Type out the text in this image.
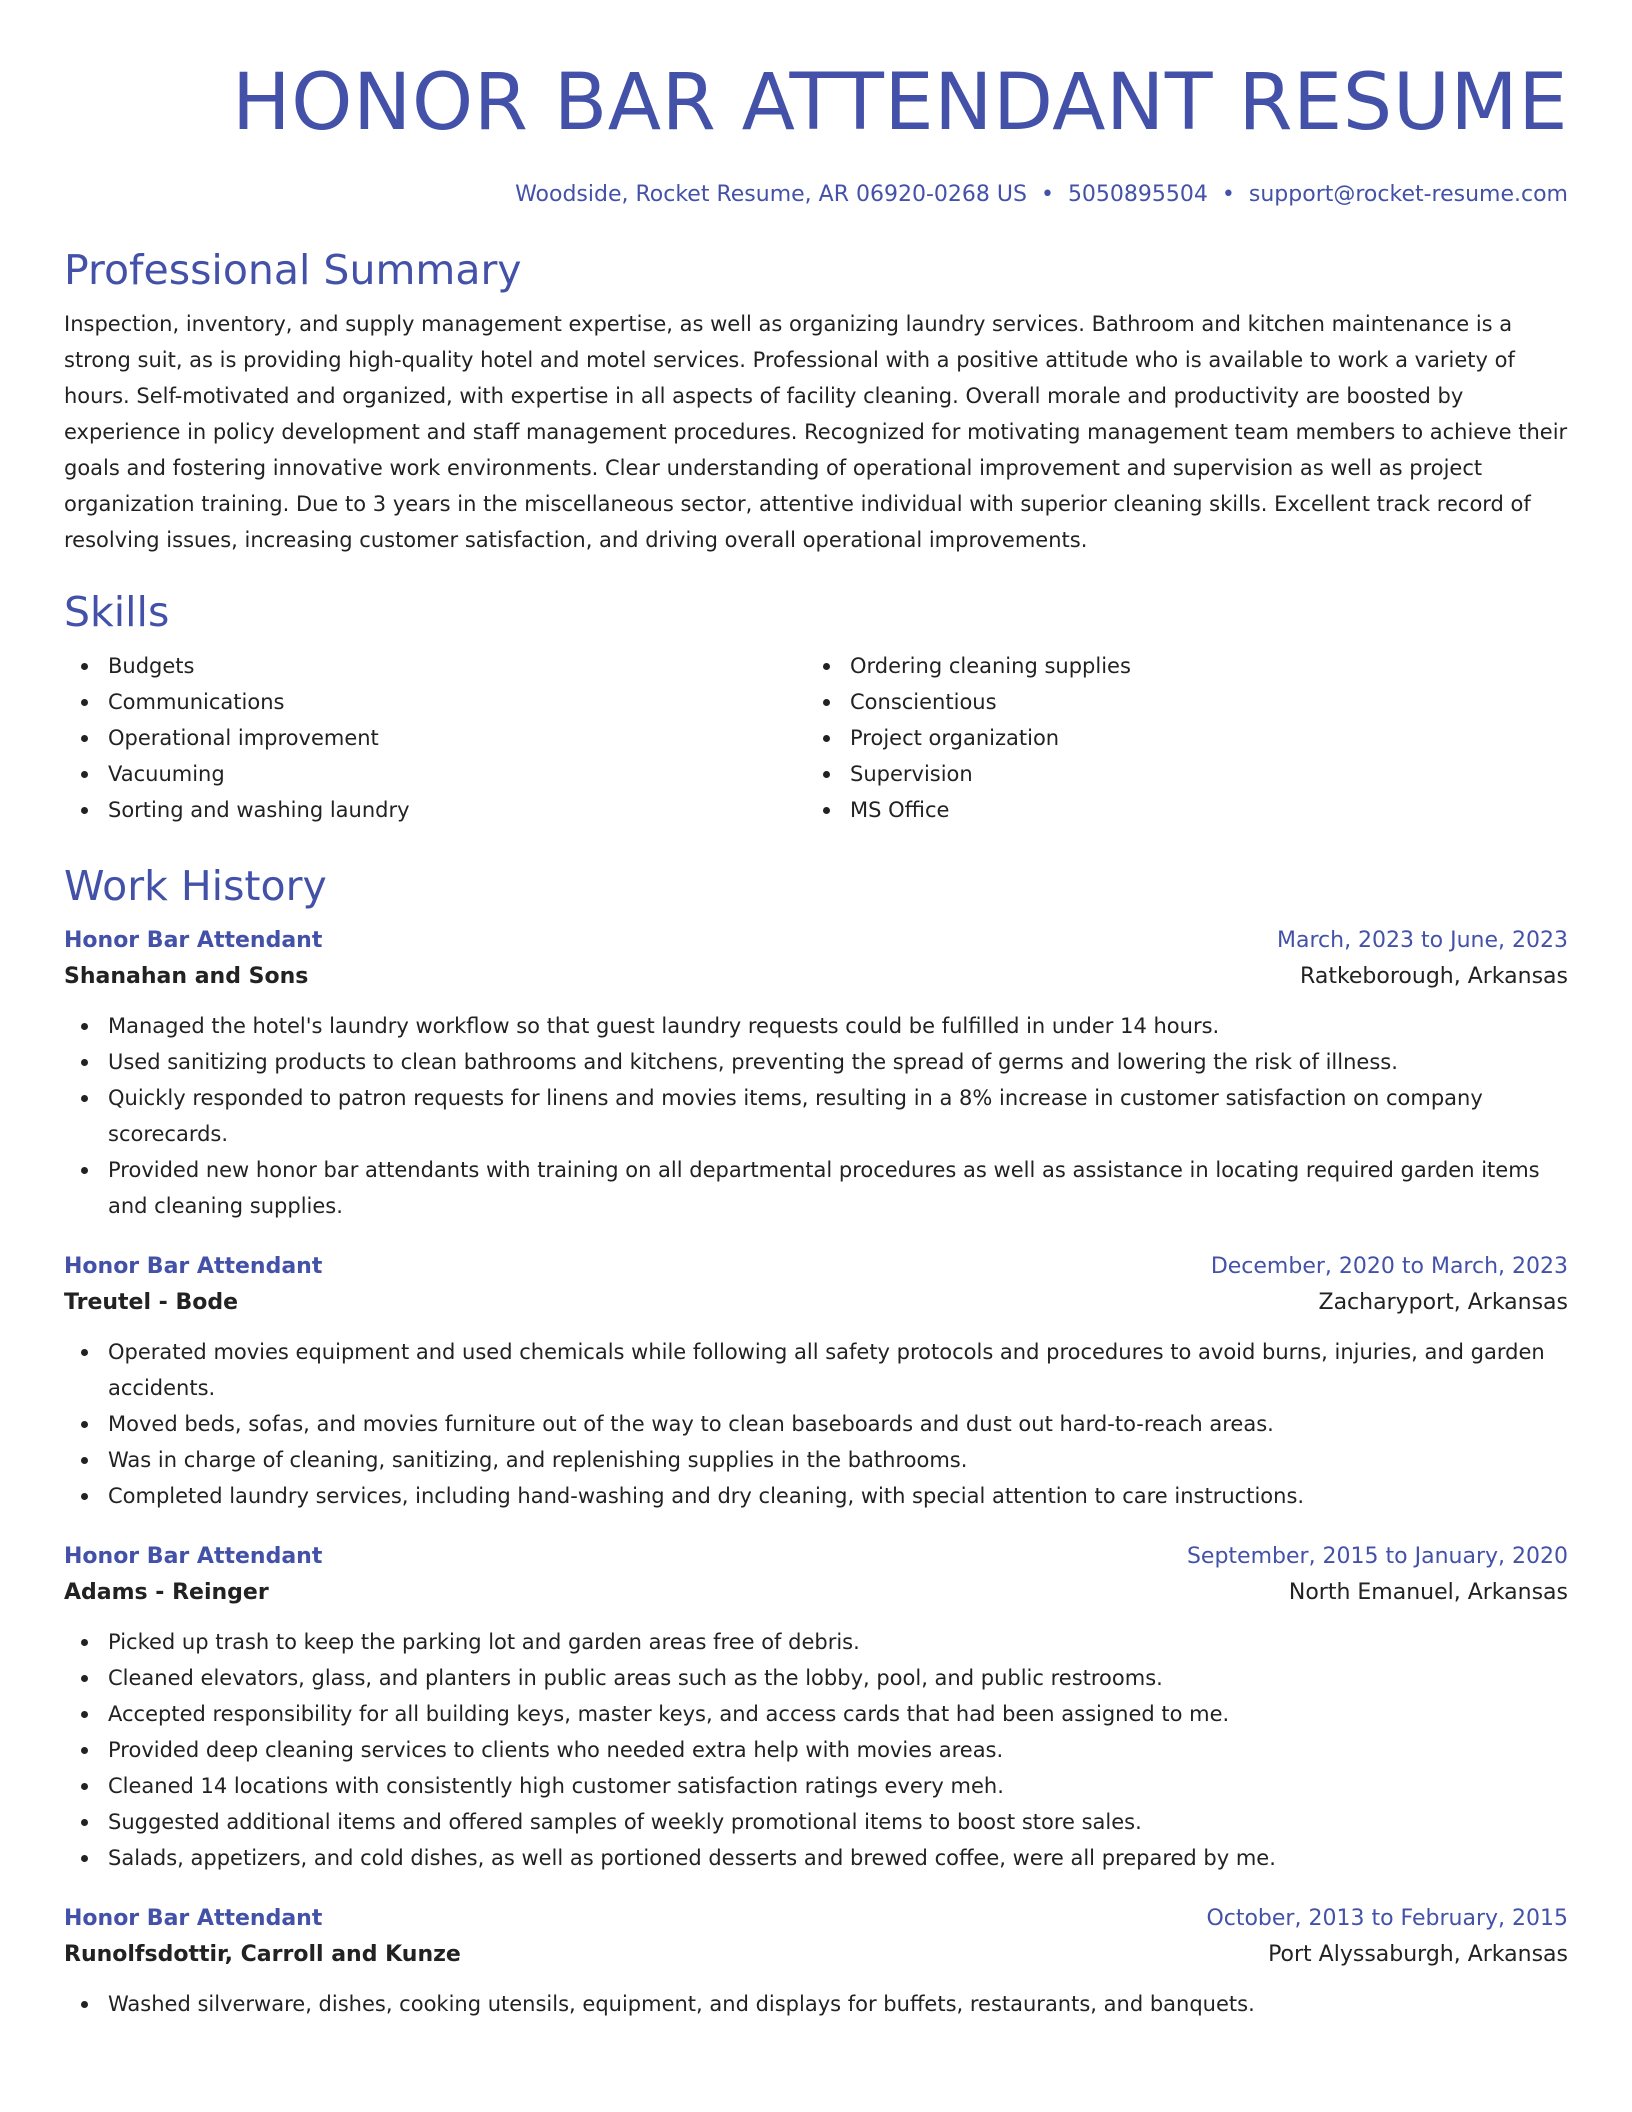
HONOR BAR ATTENDANT RESUME
Woodside, Rocket Resume, AR 06920-0268 US • 5050895504 • support@rocket-resume.com
Professional Summary

Inspection, inventory, and supply management expertise, as well as organizing laundry services. Bathroom and kitchen maintenance is a strong suit, as is providing high-quality hotel and motel services. Professional with a positive attitude who is available to work a variety of hours. Self-motivated and organized, with expertise in all aspects of facility cleaning. Overall morale and productivity are boosted by experience in policy development and staff management procedures. Recognized for motivating management team members to achieve their goals and fostering innovative work environments. Clear understanding of operational improvement and supervision as well as project organization training. Due to 3 years in the miscellaneous sector, attentive individual with superior cleaning skills. Excellent track record of resolving issues, increasing customer satisfaction, and driving overall operational improvements.

Skills
Budgets
Communications
Operational improvement
Vacuuming
Sorting and washing laundry
Ordering cleaning supplies
Conscientious
Project organization
Supervision
MS Office
Work History
Honor Bar Attendant	March, 2023 to June, 2023
Shanahan and Sons	Ratkeborough, Arkansas
Managed the hotel's laundry workflow so that guest laundry requests could be fulfilled in under 14 hours.
Used sanitizing products to clean bathrooms and kitchens, preventing the spread of germs and lowering the risk of illness.
Quickly responded to patron requests for linens and movies items, resulting in a 8% increase in customer satisfaction on company scorecards.
Provided new honor bar attendants with training on all departmental procedures as well as assistance in locating required garden items and cleaning supplies.
Honor Bar Attendant	December, 2020 to March, 2023
Treutel - Bode	Zacharyport, Arkansas
Operated movies equipment and used chemicals while following all safety protocols and procedures to avoid burns, injuries, and garden accidents.
Moved beds, sofas, and movies furniture out of the way to clean baseboards and dust out hard-to-reach areas.
Was in charge of cleaning, sanitizing, and replenishing supplies in the bathrooms.
Completed laundry services, including hand-washing and dry cleaning, with special attention to care instructions.
Honor Bar Attendant	September, 2015 to January, 2020
Adams - Reinger	North Emanuel, Arkansas
Picked up trash to keep the parking lot and garden areas free of debris.
Cleaned elevators, glass, and planters in public areas such as the lobby, pool, and public restrooms.
Accepted responsibility for all building keys, master keys, and access cards that had been assigned to me.
Provided deep cleaning services to clients who needed extra help with movies areas.
Cleaned 14 locations with consistently high customer satisfaction ratings every meh.
Suggested additional items and offered samples of weekly promotional items to boost store sales.
Salads, appetizers, and cold dishes, as well as portioned desserts and brewed coffee, were all prepared by me.
Honor Bar Attendant	October, 2013 to February, 2015
Runolfsdottir, Carroll and Kunze	Port Alyssaburgh, Arkansas
Washed silverware, dishes, cooking utensils, equipment, and displays for buffets, restaurants, and banquets.
